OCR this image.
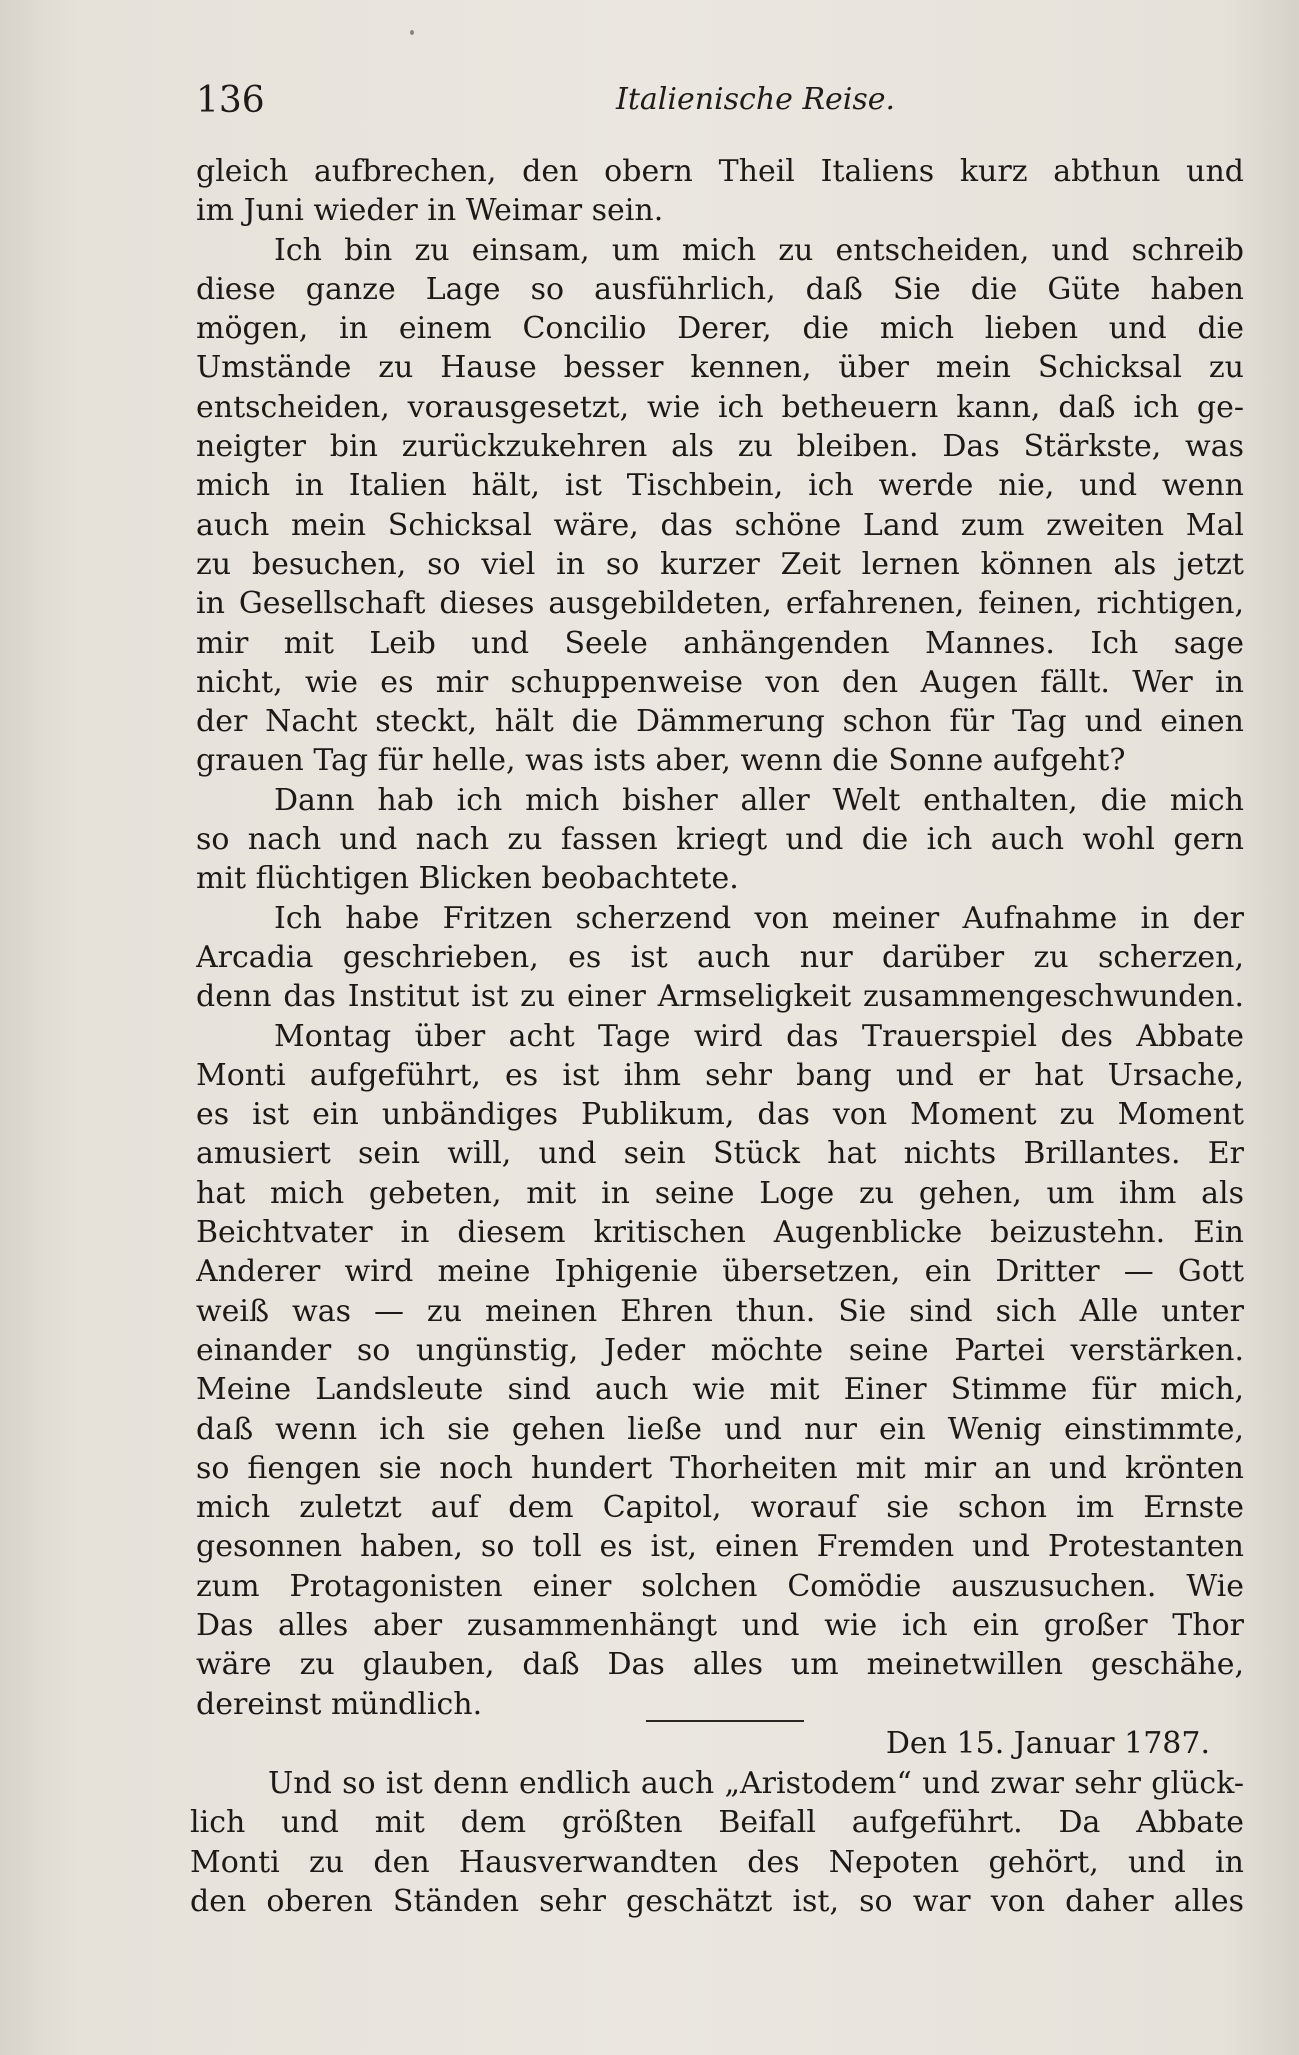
136	Italienische Reise.
gleich aufbrechen, den obern Theil Italiens kurz abthun und
im Juni wieder in Weimar sein.
Ich bin zu einsam, um mich zu entscheiden, und schreib
diese ganze Lage so ausführlich, daß Sie die Güte haben
mögen, in einem Concilio Derer, die mich lieben und die
Umstände zu Hause besser kennen, über mein Schicksal zu
entscheiden, vorausgesetzt, wie ich betheuern kann, daß ich ge-
neigter bin zurückzukehren als zu bleiben. Das Stärkste, was
mich in Italien hält, ist Tischbein, ich werde nie, und wenn
auch mein Schicksal wäre, das schöne Land zum zweiten Mal
zu besuchen, so viel in so kurzer Zeit lernen können als jetzt
in Gesellschaft dieses ausgebildeten, erfahrenen, feinen, richtigen,
mir mit Leib und Seele anhängenden Mannes. Ich sage
nicht, wie es mir schuppenweise von den Augen fällt. Wer in
der Nacht steckt, hält die Dämmerung schon für Tag und einen
grauen Tag für helle, was ists aber, wenn die Sonne aufgeht?
Dann hab ich mich bisher aller Welt enthalten, die mich
so nach und nach zu fassen kriegt und die ich auch wohl gern
mit flüchtigen Blicken beobachtete.
Ich habe Fritzen scherzend von meiner Aufnahme in der
Arcadia geschrieben, es ist auch nur darüber zu scherzen,
denn das Institut ist zu einer Armseligkeit zusammengeschwunden.
Montag über acht Tage wird das Trauerspiel des Abbate
Monti aufgeführt, es ist ihm sehr bang und er hat Ursache,
es ist ein unbändiges Publikum, das von Moment zu Moment
amusiert sein will, und sein Stück hat nichts Brillantes. Er
hat mich gebeten, mit in seine Loge zu gehen, um ihm als
Beichtvater in diesem kritischen Augenblicke beizustehn. Ein
Anderer wird meine Iphigenie übersetzen, ein Dritter — Gott
weiß was — zu meinen Ehren thun. Sie sind sich Alle unter
einander so ungünstig, Jeder möchte seine Partei verstärken.
Meine Landsleute sind auch wie mit Einer Stimme für mich,
daß wenn ich sie gehen ließe und nur ein Wenig einstimmte,
so fiengen sie noch hundert Thorheiten mit mir an und krönten
mich zuletzt auf dem Capitol, worauf sie schon im Ernste
gesonnen haben, so toll es ist, einen Fremden und Protestanten
zum Protagonisten einer solchen Comödie auszusuchen. Wie
Das alles aber zusammenhängt und wie ich ein großer Thor
wäre zu glauben, daß Das alles um meinetwillen geschähe,
dereinst mündlich.
Den 15. Januar 1787.
Und so ist denn endlich auch „Aristodem“ und zwar sehr glück-
lich und mit dem größten Beifall aufgeführt. Da Abbate
Monti zu den Hausverwandten des Nepoten gehört, und in
den oberen Ständen sehr geschätzt ist, so war von daher alles
